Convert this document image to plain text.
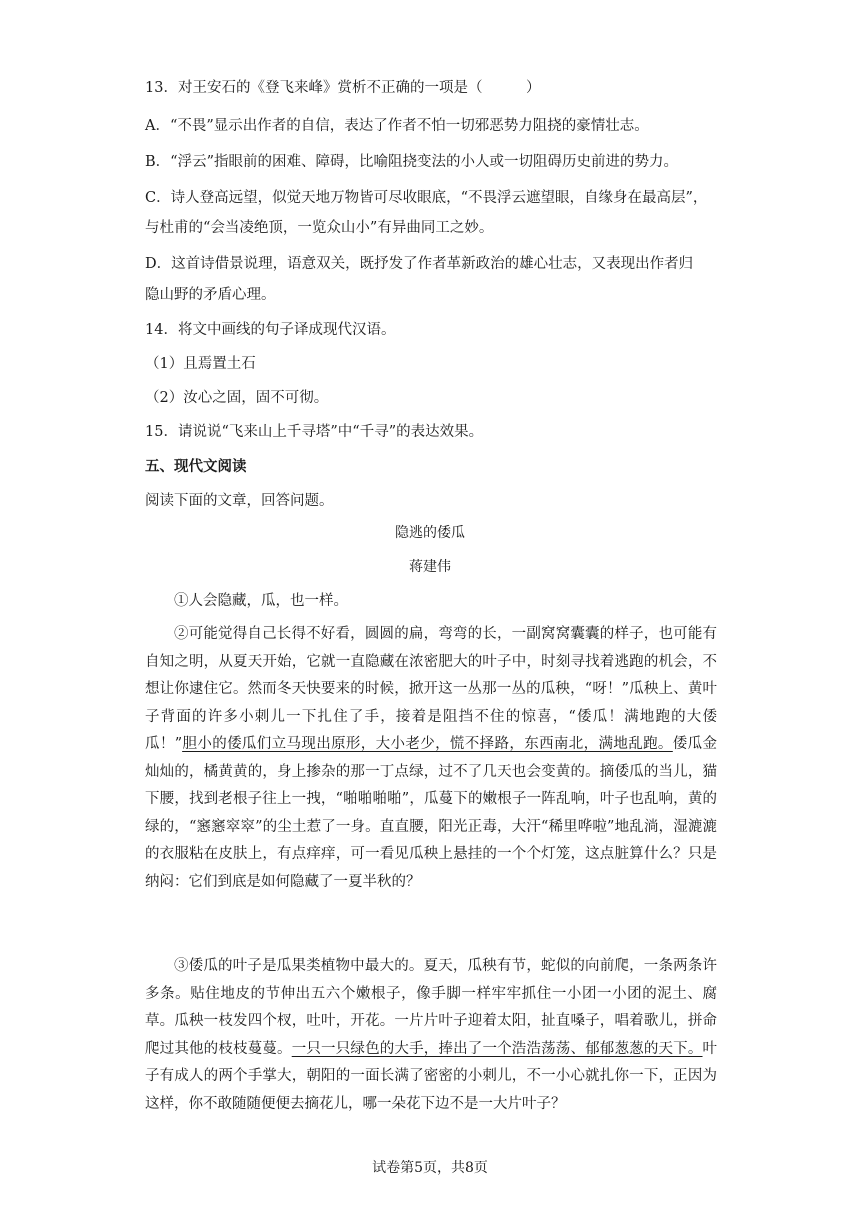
13．对王安石的《登飞来峰》赏析不正确的一项是（　　　）
A．“不畏”显示出作者的自信，表达了作者不怕一切邪恶势力阻挠的豪情壮志。
B．“浮云”指眼前的困难、障碍，比喻阻挠变法的小人或一切阻碍历史前进的势力。
C．诗人登高远望，似觉天地万物皆可尽收眼底，“不畏浮云遮望眼，自缘身在最高层”，
与杜甫的“会当凌绝顶，一览众山小”有异曲同工之妙。
D．这首诗借景说理，语意双关，既抒发了作者革新政治的雄心壮志，又表现出作者归
隐山野的矛盾心理。
14．将文中画线的句子译成现代汉语。
（1）且焉置土石
（2）汝心之固，固不可彻。
15．请说说“飞来山上千寻塔”中“千寻”的表达效果。
五、现代文阅读
阅读下面的文章，回答问题。
隐逃的倭瓜
蒋建伟
①人会隐藏，瓜，也一样。
②可能觉得自己长得不好看，圆圆的扁，弯弯的长，一副窝窝囊囊的样子，也可能有自知之明，从夏天开始，它就一直隐藏在浓密肥大的叶子中，时刻寻找着逃跑的机会，不想让你逮住它。然而冬天快要来的时候，掀开这一丛那一丛的瓜秧，“呀！”瓜秧上、黄叶子背面的许多小刺儿一下扎住了手，接着是阻挡不住的惊喜，“倭瓜！满地跑的大倭瓜！”胆小的倭瓜们立马现出原形，大小老少，慌不择路，东西南北，满地乱跑。倭瓜金灿灿的，橘黄黄的，身上掺杂的那一丁点绿，过不了几天也会变黄的。摘倭瓜的当儿，猫下腰，找到老根子往上一拽，“啪啪啪啪”，瓜蔓下的嫩根子一阵乱响，叶子也乱响，黄的绿的，“窸窸窣窣”的尘土惹了一身。直直腰，阳光正毒，大汗“稀里哗啦”地乱淌，湿漉漉的衣服粘在皮肤上，有点痒痒，可一看见瓜秧上悬挂的一个个灯笼，这点脏算什么？只是纳闷：它们到底是如何隐藏了一夏半秋的？
③倭瓜的叶子是瓜果类植物中最大的。夏天，瓜秧有节，蛇似的向前爬，一条两条许多条。贴住地皮的节伸出五六个嫩根子，像手脚一样牢牢抓住一小团一小团的泥土、腐草。瓜秧一枝发四个杈，吐叶，开花。一片片叶子迎着太阳，扯直嗓子，唱着歌儿，拼命爬过其他的枝枝蔓蔓。一只一只绿色的大手，捧出了一个浩浩荡荡、郁郁葱葱的天下。叶子有成人的两个手掌大，朝阳的一面长满了密密的小刺儿，不一小心就扎你一下，正因为这样，你不敢随随便便去摘花儿，哪一朵花下边不是一大片叶子？
试卷第5页，共8页
